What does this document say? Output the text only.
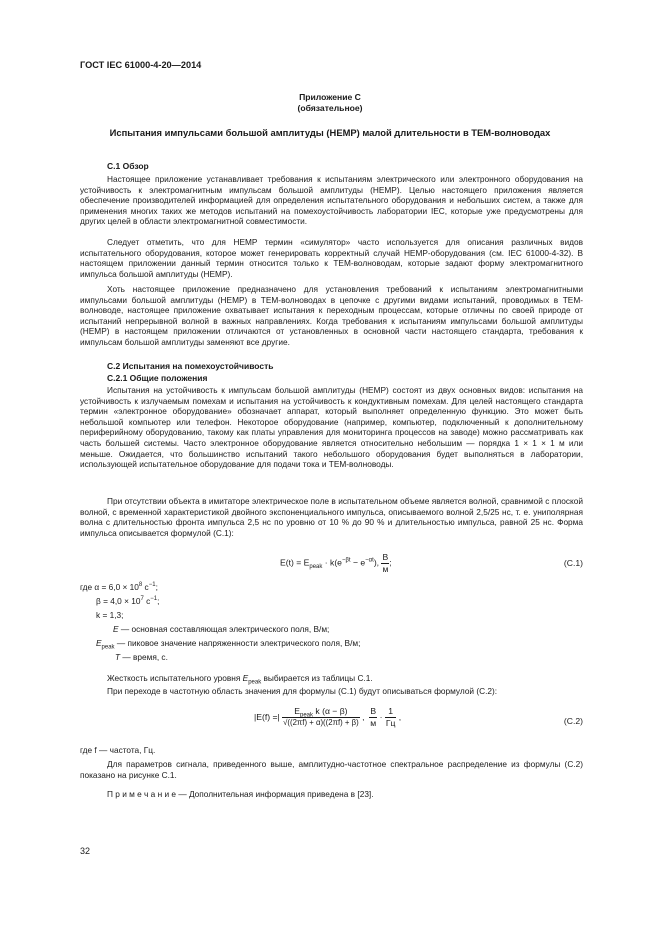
ГОСТ IEC 61000-4-20—2014
Приложение С
(обязательное)
Испытания импульсами большой амплитуды (HEMP) малой длительности в ТЕМ-волноводах
С.1 Обзор

Настоящее приложение устанавливает требования к испытаниям электрического или электронного оборудования на устойчивость к электромагнитным импульсам большой амплитуды (HEMP). Целью настоящего приложения является обеспечение производителей информацией для определения испытательного оборудования и небольших систем, а также для применения многих таких же методов испытаний на помехоустойчивость лаборатории IEC, которые уже предусмотрены для других целей в области электромагнитной совместимости.

Следует отметить, что для HEMP термин «симулятор» часто используется для описания различных видов испытательного оборудования, которое может генерировать корректный случай HEMP-оборудования (см. IEC 61000-4-32). В настоящем приложении данный термин относится только к ТЕМ-волноводам, которые задают форму электромагнитного импульса большой амплитуды (HEMP).

Хоть настоящее приложение предназначено для установления требований к испытаниям электромагнитными импульсами большой амплитуды (HEMP) в ТЕМ-волноводах в цепочке с другими видами испытаний, проводимых в ТЕМ-волноводе, настоящее приложение охватывает испытания к переходным процессам, которые отличны по своей природе от испытаний непрерывной волной в важных направлениях. Когда требования к испытаниям импульсами большой амплитуды (HEMP) в настоящем приложении отличаются от установленных в основной части настоящего стандарта, требования к импульсам большой амплитуды заменяют все другие.

С.2 Испытания на помехоустойчивость
С.2.1 Общие положения

Испытания на устойчивость к импульсам большой амплитуды (HEMP) состоят из двух основных видов: испытания на устойчивость к излучаемым помехам и испытания на устойчивость к кондуктивным помехам. Для целей настоящего стандарта термин «электронное оборудование» обозначает аппарат, который выполняет определенную функцию. Это может быть небольшой компьютер или телефон. Некоторое оборудование (например, компьютер, подключенный к дополнительному периферийному оборудованию, такому как платы управления для мониторинга процессов на заводе) можно рассматривать как часть большей системы. Часто электронное оборудование является относительно небольшим — порядка 1 × 1 × 1 м или меньше. Ожидается, что большинство испытаний такого небольшого оборудования будет выполняться в лаборатории, использующей испытательное оборудование для подачи тока и ТЕМ-волноводы.

При отсутствии объекта в имитаторе электрическое поле в испытательном объеме является волной, сравнимой с плоской волной, с временной характеристикой двойного экспоненциального импульса, описываемого волной 2,5/25 нс, т. е. униполярная волна с длительностью фронта импульса 2,5 нс по уровню от 10 % до 90 % и длительностью импульса, равной 25 нс. Форма импульса описывается формулой (С.1):

$E(t) = E_{peak} \cdot k(e^{-\beta t} - e^{-\alpha t})$, $\frac{В}{м}$ ;	(С.1)
где $\alpha = 6,0 \times 10^8$ $с^{-1}$;
$\beta = 4,0 \times 10^7$ $с^{-1}$;
k = 1,3;
E — основная составляющая электрического поля, В/м;
$E_{peak}$ — пиковое значение напряженности электрического поля, В/м;
T — время, с.

Жесткость испытательного уровня $E_{peak}$ выбирается из таблицы С.1.

При переходе в частотную область значения для формулы (С.1) будут описываться формулой (С.2):

|E(f) =| $\frac{E_{peak} k (\alpha - \beta)}{√((2\pi f) + \alpha)((2\pi f) + \beta)}$ , $\frac{В}{м} \cdot \frac{1}{Гц}$ ,	(С.2)

где f — частота, Гц.

Для параметров сигнала, приведенного выше, амплитудно-частотное спектральное распределение из формулы (С.2) показано на рисунке С.1.

П р и м е ч а н и е — Дополнительная информация приведена в [23].

32
